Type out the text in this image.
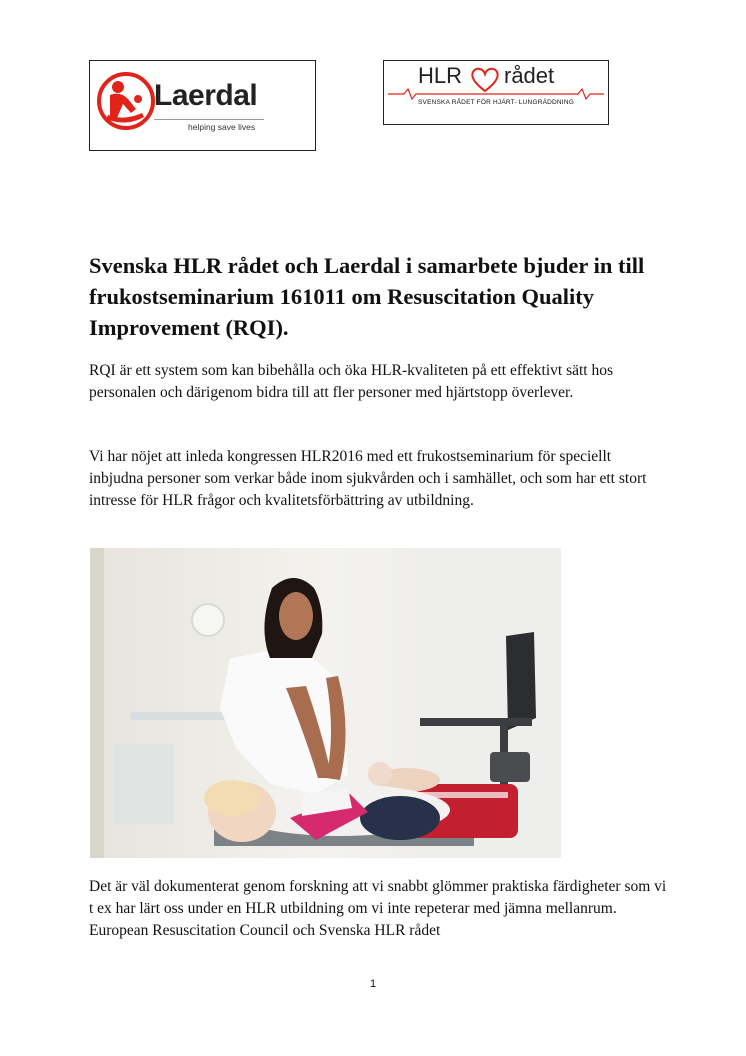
Laerdal
helping save lives
HLR rådet
SVENSKA RÅDET FÖR HJÄRT- LUNGRÄDDNING
Svenska HLR rådet och Laerdal i samarbete bjuder in till frukostseminarium 161011 om Resuscitation Quality Improvement (RQI).

RQI är ett system som kan bibehålla och öka HLR-kvaliteten på ett effektivt sätt hos personalen och därigenom bidra till att fler personer med hjärtstopp överlever.

Vi har nöjet att inleda kongressen HLR2016 med ett frukostseminarium för speciellt inbjudna personer som verkar både inom sjukvården och i samhället, och som har ett stort intresse för HLR frågor och kvalitetsförbättring av utbildning.

Det är väl dokumenterat genom forskning att vi snabbt glömmer praktiska färdigheter som vi t ex har lärt oss under en HLR utbildning om vi inte repeterar med jämna mellanrum. European Resuscitation Council och Svenska HLR rådet

1
